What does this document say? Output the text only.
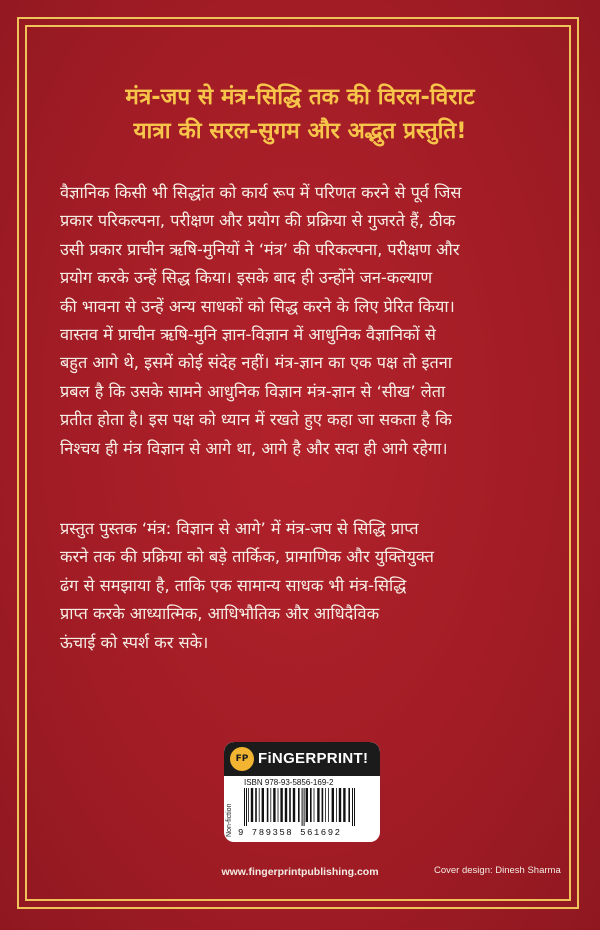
मंत्र-जप से मंत्र-सिद्धि तक की विरल-विराट
यात्रा की सरल-सुगम और अद्भुत प्रस्तुति!
वैज्ञानिक किसी भी सिद्धांत को कार्य रूप में परिणत करने से पूर्व जिस
प्रकार परिकल्पना, परीक्षण और प्रयोग की प्रक्रिया से गुजरते हैं, ठीक
उसी प्रकार प्राचीन ऋषि-मुनियों ने ‘मंत्र’ की परिकल्पना, परीक्षण और
प्रयोग करके उन्हें सिद्ध किया। इसके बाद ही उन्होंने जन-कल्याण
की भावना से उन्हें अन्य साधकों को सिद्ध करने के लिए प्रेरित किया।
वास्तव में प्राचीन ऋषि-मुनि ज्ञान-विज्ञान में आधुनिक वैज्ञानिकों से
बहुत आगे थे, इसमें कोई संदेह नहीं। मंत्र-ज्ञान का एक पक्ष तो इतना
प्रबल है कि उसके सामने आधुनिक विज्ञान मंत्र-ज्ञान से ‘सीख’ लेता
प्रतीत होता है। इस पक्ष को ध्यान में रखते हुए कहा जा सकता है कि
निश्चय ही मंत्र विज्ञान से आगे था, आगे है और सदा ही आगे रहेगा।
प्रस्तुत पुस्तक ‘मंत्र: विज्ञान से आगे’ में मंत्र-जप से सिद्धि प्राप्त
करने तक की प्रक्रिया को बड़े तार्किक, प्रामाणिक और युक्तियुक्त
ढंग से समझाया है, ताकि एक सामान्य साधक भी मंत्र-सिद्धि
प्राप्त करके आध्यात्मिक, आधिभौतिक और आधिदैविक
ऊंचाई को स्पर्श कर सके।
FP FiNGERPRINT!
ISBN 978-93-5856-169-2
Non-fiction 9 789358 561692
www.fingerprintpublishing.com	Cover design: Dinesh Sharma
